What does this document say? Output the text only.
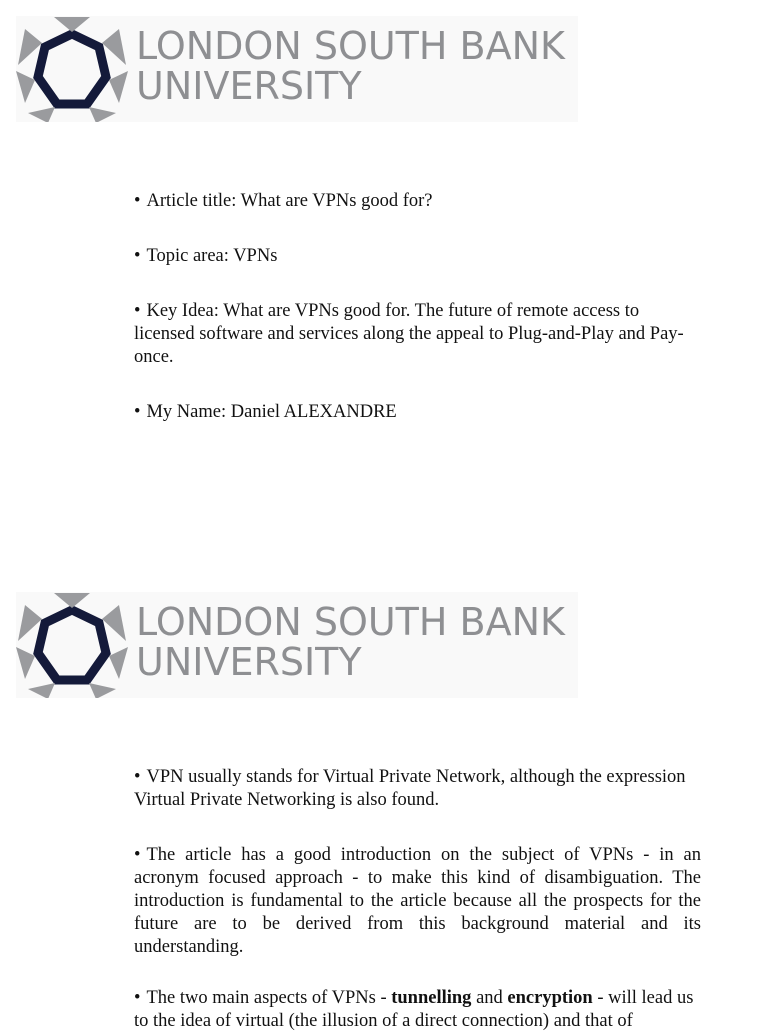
LONDON SOUTH BANK
UNIVERSITY

• Article title: What are VPNs good for?

• Topic area: VPNs

• Key Idea: What are VPNs good for. The future of remote access to licensed software and services along the appeal to Plug-and-Play and Pay-once.

• My Name: Daniel ALEXANDRE

LONDON SOUTH BANK
UNIVERSITY

• VPN usually stands for Virtual Private Network, although the expression Virtual Private Networking is also found.

• The article has a good introduction on the subject of VPNs - in an acronym focused approach - to make this kind of disambiguation. The introduction is fundamental to the article because all the prospects for the future are to be derived from this background material and its understanding.

• The two main aspects of VPNs - tunnelling and encryption - will lead us to the idea of virtual (the illusion of a direct connection) and that of
